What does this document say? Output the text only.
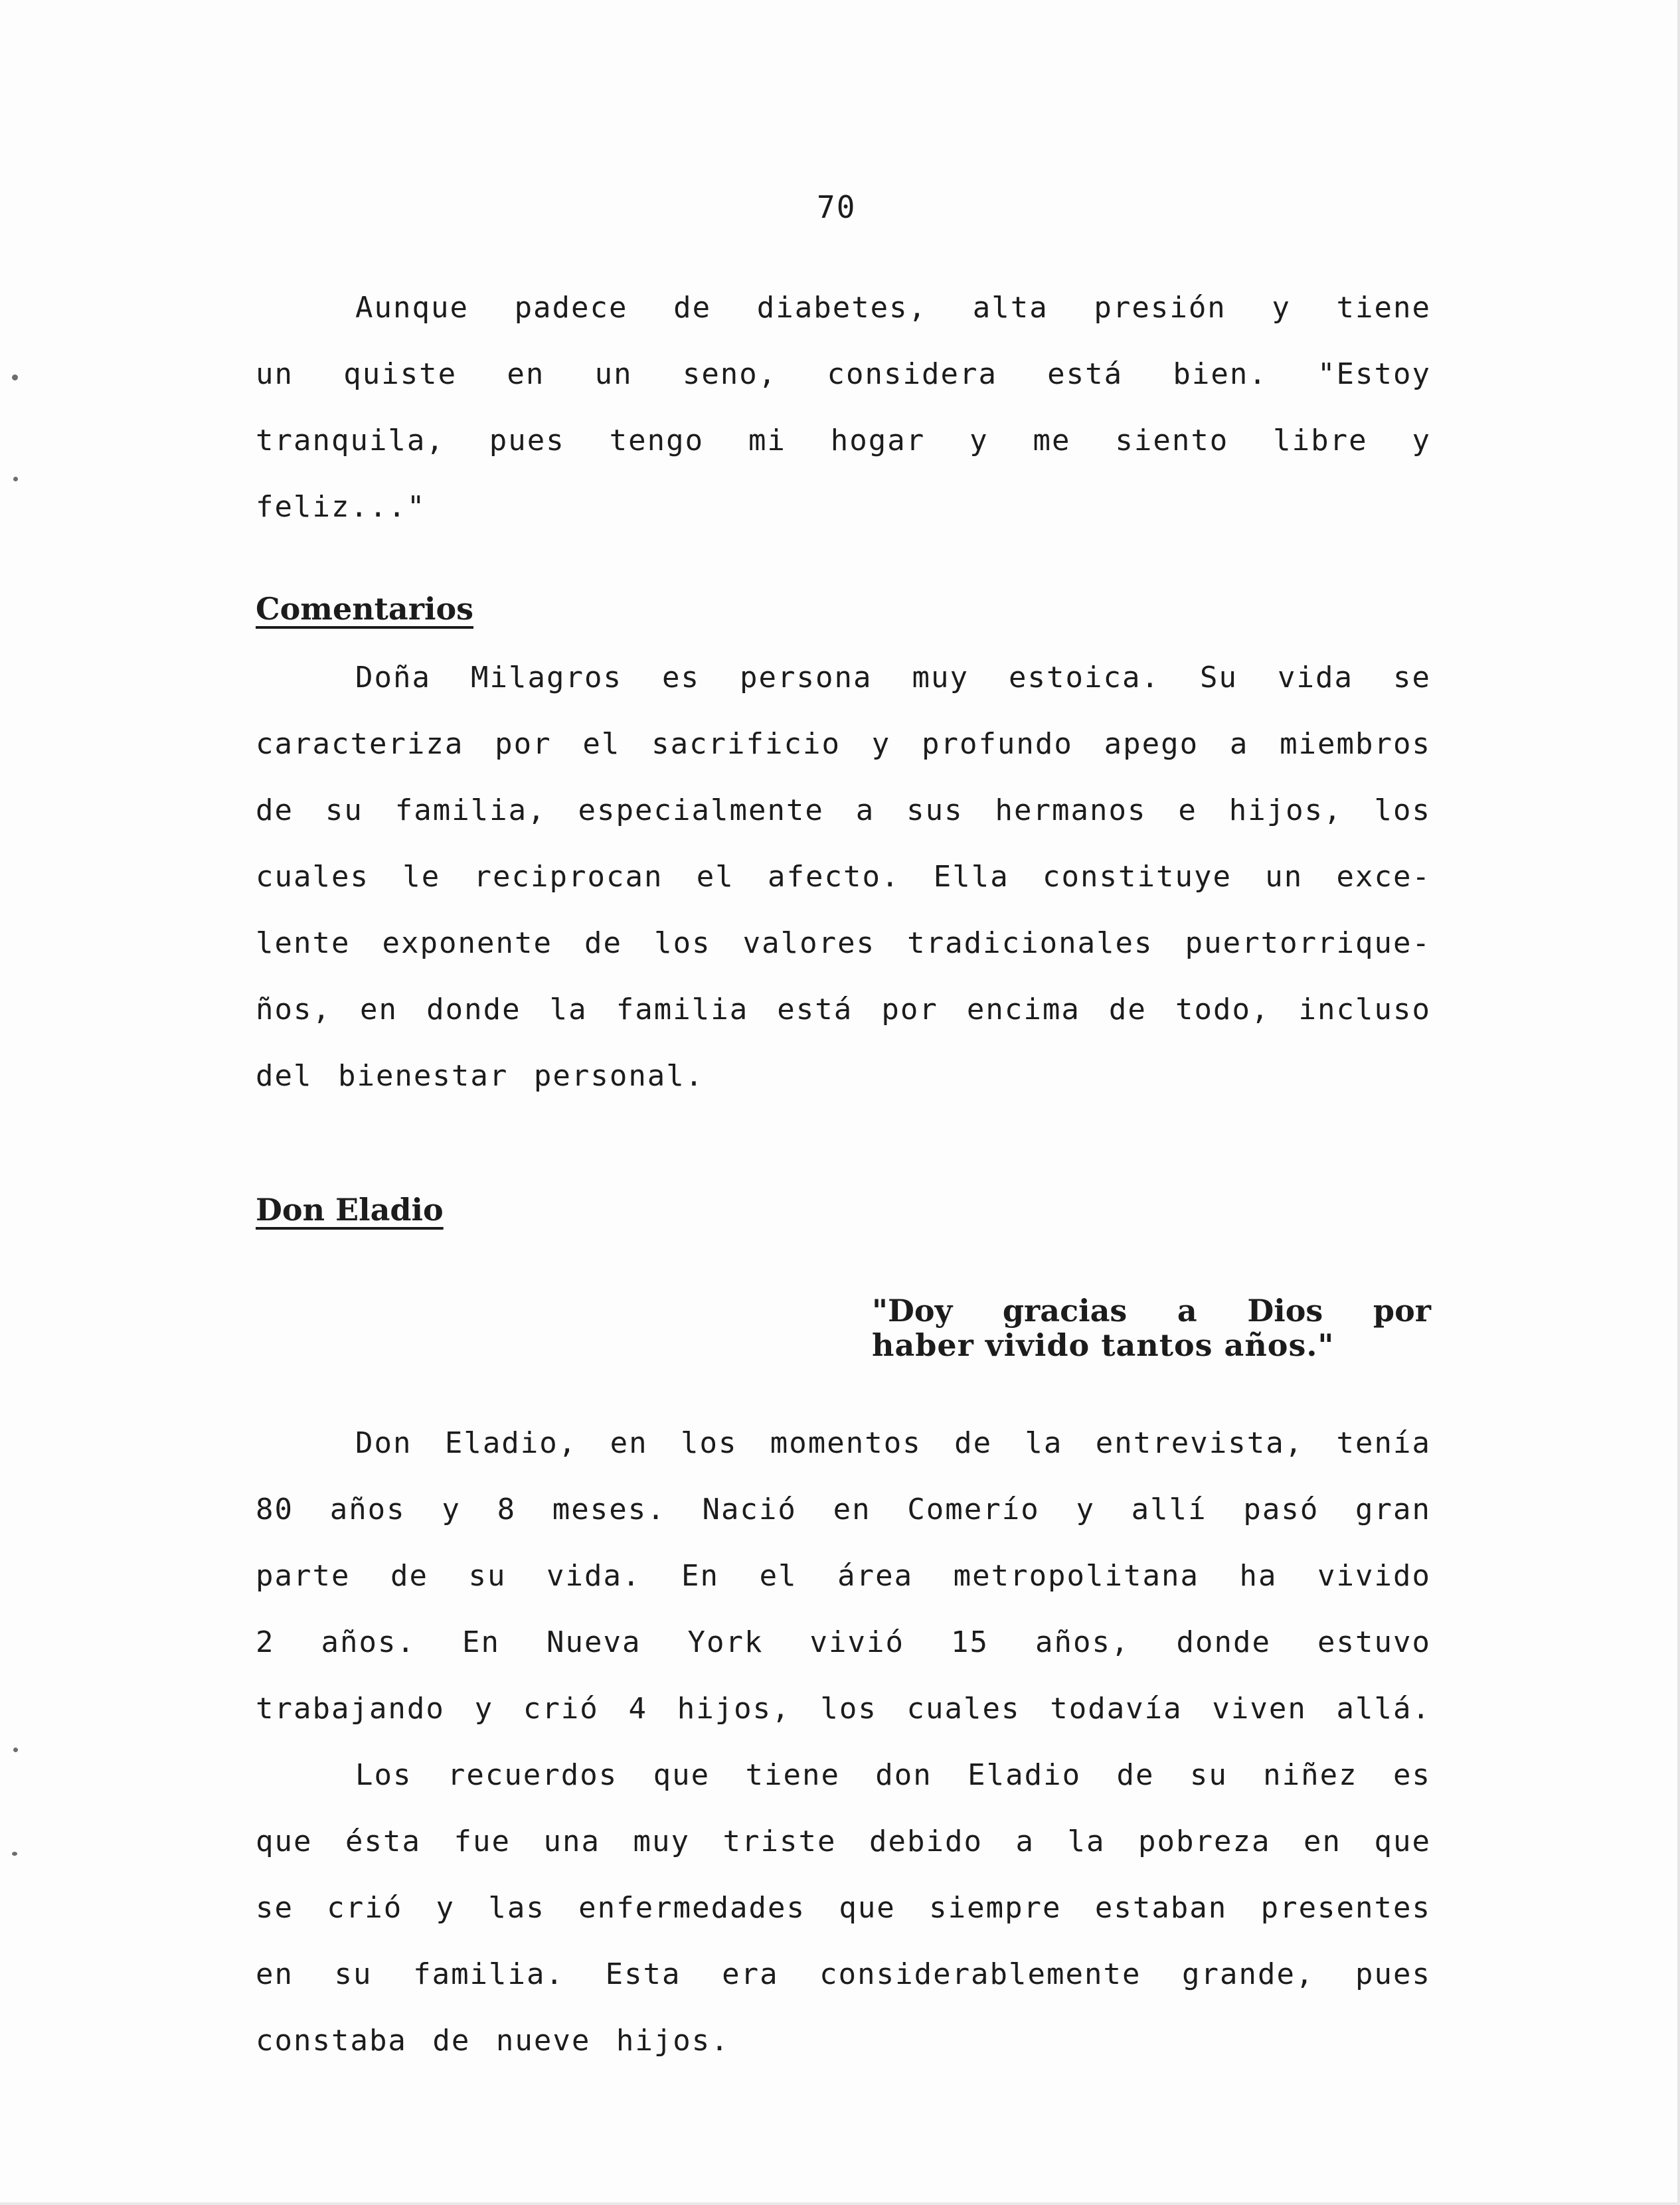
70
Aunque padece de diabetes, alta presión y tiene
un quiste en un seno, considera está bien. "Estoy
tranquila, pues tengo mi hogar y me siento libre y
feliz..."
Comentarios
Doña Milagros es persona muy estoica. Su vida se
caracteriza por el sacrificio y profundo apego a miembros
de su familia, especialmente a sus hermanos e hijos, los
cuales le reciprocan el afecto. Ella constituye un exce-
lente exponente de los valores tradicionales puertorrique-
ños, en donde la familia está por encima de todo, incluso
del bienestar personal.
Don Eladio
"Doy gracias a Dios por
haber vivido tantos años."
Don Eladio, en los momentos de la entrevista, tenía
80 años y 8 meses. Nació en Comerío y allí pasó gran
parte de su vida. En el área metropolitana ha vivido
2 años. En Nueva York vivió 15 años, donde estuvo
trabajando y crió 4 hijos, los cuales todavía viven allá.
Los recuerdos que tiene don Eladio de su niñez es
que ésta fue una muy triste debido a la pobreza en que
se crió y las enfermedades que siempre estaban presentes
en su familia. Esta era considerablemente grande, pues
constaba de nueve hijos.
